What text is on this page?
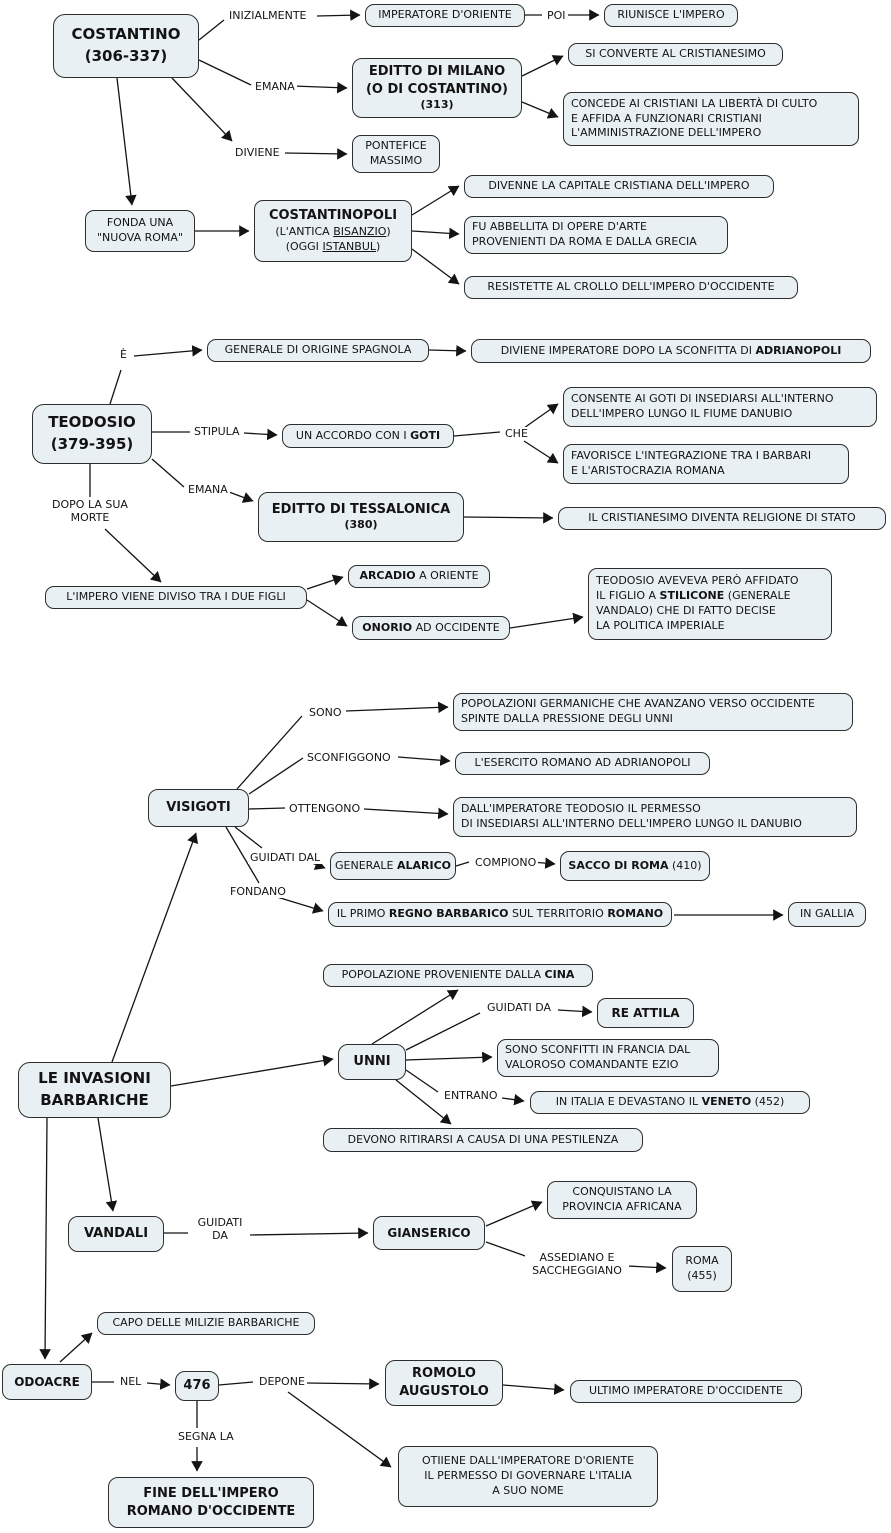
COSTANTINO
(306-337)
INIZIALMENTE	IMPERATORE D'ORIENTE	POI	RIUNISCE L'IMPERO
SI CONVERTE AL CRISTIANESIMO
EMANA
EDITTO DI MILANO
(O DI COSTANTINO)
(313)	CONCEDE AI CRISTIANI LA LIBERTÀ DI CULTO
E AFFIDA A FUNZIONARI CRISTIANI
L'AMMINISTRAZIONE DELL'IMPERO
DIVIENE
PONTEFICE
MASSIMO
FONDA UNA
"NUOVA ROMA"
COSTANTINOPOLI
(L'ANTICA BISANZIO)
(OGGI ISTANBUL)
DIVENNE LA CAPITALE CRISTIANA DELL'IMPERO
FU ABBELLITA DI OPERE D'ARTE
PROVENIENTI DA ROMA E DALLA GRECIA
RESISTETTE AL CROLLO DELL'IMPERO D'OCCIDENTE
È	GENERALE DI ORIGINE SPAGNOLA	DIVIENE IMPERATORE DOPO LA SCONFITTA DI ADRIANOPOLI
TEODOSIO
(379-395)
STIPULA	UN ACCORDO CON I GOTI	CHE
CONSENTE AI GOTI DI INSEDIARSI ALL'INTERNO
DELL'IMPERO LUNGO IL FIUME DANUBIO
FAVORISCE L'INTEGRAZIONE TRA I BARBARI
E L'ARISTOCRAZIA ROMANA
EMANA
EDITTO DI TESSALONICA
(380)
IL CRISTIANESIMO DIVENTA RELIGIONE DI STATO
DOPO LA SUA
MORTE
L'IMPERO VIENE DIVISO TRA I DUE FIGLI
ARCADIO A ORIENTE
ONORIO AD OCCIDENTE
TEODOSIO AVEVEVA PERÒ AFFIDATO
IL FIGLIO A STILICONE (GENERALE
VANDALO) CHE DI FATTO DECISE
LA POLITICA IMPERIALE
SONO
POPOLAZIONI GERMANICHE CHE AVANZANO VERSO OCCIDENTE
SPINTE DALLA PRESSIONE DEGLI UNNI
SCONFIGGONO	L'ESERCITO ROMANO AD ADRIANOPOLI
VISIGOTI	OTTENGONO	DALL'IMPERATORE TEODOSIO IL PERMESSO
DI INSEDIARSI ALL'INTERNO DELL'IMPERO LUNGO IL DANUBIO
GUIDATI DAL
GENERALE ALARICO COMPIONO	SACCO DI ROMA (410)
FONDANO
IL PRIMO REGNO BARBARICO SUL TERRITORIO ROMANO	IN GALLIA
POPOLAZIONE PROVENIENTE DALLA CINA
GUIDATI DA	RE ATTILA
UNNI
SONO SCONFITTI IN FRANCIA DAL
VALOROSO COMANDANTE EZIO
ENTRANO	IN ITALIA E DEVASTANO IL VENETO (452)
DEVONO RITIRARSI A CAUSA DI UNA PESTILENZA
LE INVASIONI
BARBARICHE
VANDALI
GUIDATI
DA	GIANSERICO
CONQUISTANO LA
PROVINCIA AFRICANA
ASSEDIANO E
SACCHEGGIANO
ROMA
(455)
CAPO DELLE MILIZIE BARBARICHE
ODOACRE	NEL	476	DEPONE
ROMOLO
AUGUSTOLO	ULTIMO IMPERATORE D'OCCIDENTE
SEGNA LA
FINE DELL'IMPERO
ROMANO D'OCCIDENTE
OTIIENE DALL'IMPERATORE D'ORIENTE
IL PERMESSO DI GOVERNARE L'ITALIA
A SUO NOME
